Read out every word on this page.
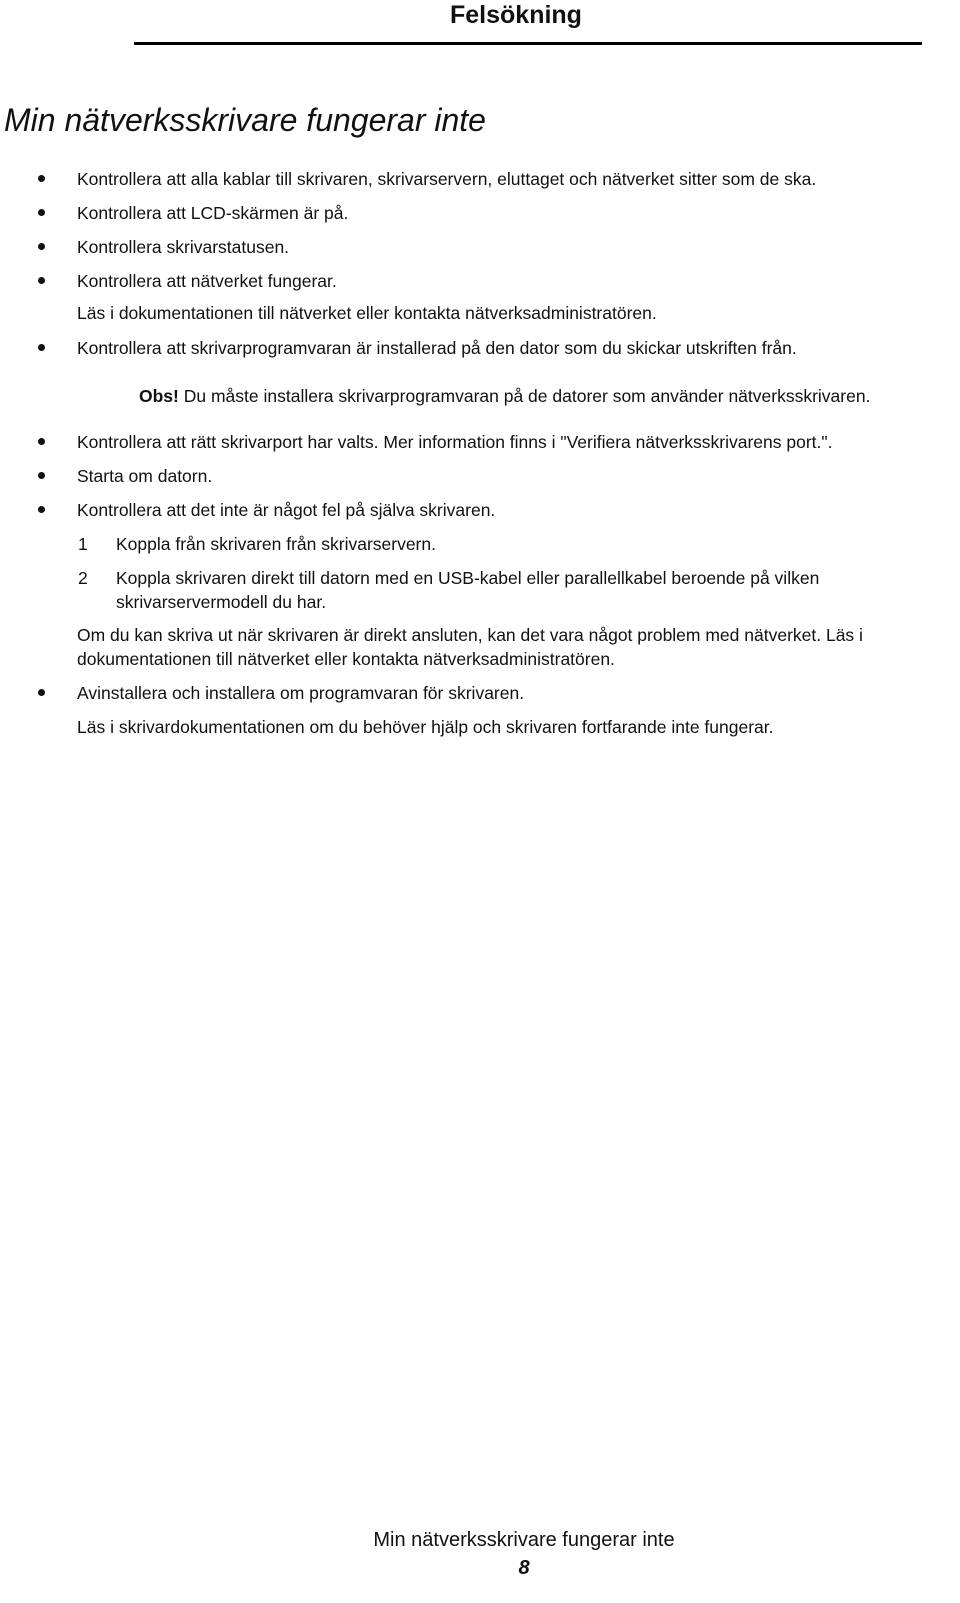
Felsökning
Min nätverksskrivare fungerar inte
Kontrollera att alla kablar till skrivaren, skrivarservern, eluttaget och nätverket sitter som de ska.
Kontrollera att LCD-skärmen är på.
Kontrollera skrivarstatusen.
Kontrollera att nätverket fungerar.
Läs i dokumentationen till nätverket eller kontakta nätverksadministratören.
Kontrollera att skrivarprogramvaran är installerad på den dator som du skickar utskriften från.
Obs! Du måste installera skrivarprogramvaran på de datorer som använder nätverksskrivaren.
Kontrollera att rätt skrivarport har valts. Mer information finns i "Verifiera nätverksskrivarens port.".
Starta om datorn.
Kontrollera att det inte är något fel på själva skrivaren.
1 Koppla från skrivaren från skrivarservern.
2 Koppla skrivaren direkt till datorn med en USB-kabel eller parallellkabel beroende på vilken
skrivarservermodell du har.
Om du kan skriva ut när skrivaren är direkt ansluten, kan det vara något problem med nätverket. Läs i
dokumentationen till nätverket eller kontakta nätverksadministratören.
Avinstallera och installera om programvaran för skrivaren.
Läs i skrivardokumentationen om du behöver hjälp och skrivaren fortfarande inte fungerar.
Min nätverksskrivare fungerar inte
8
